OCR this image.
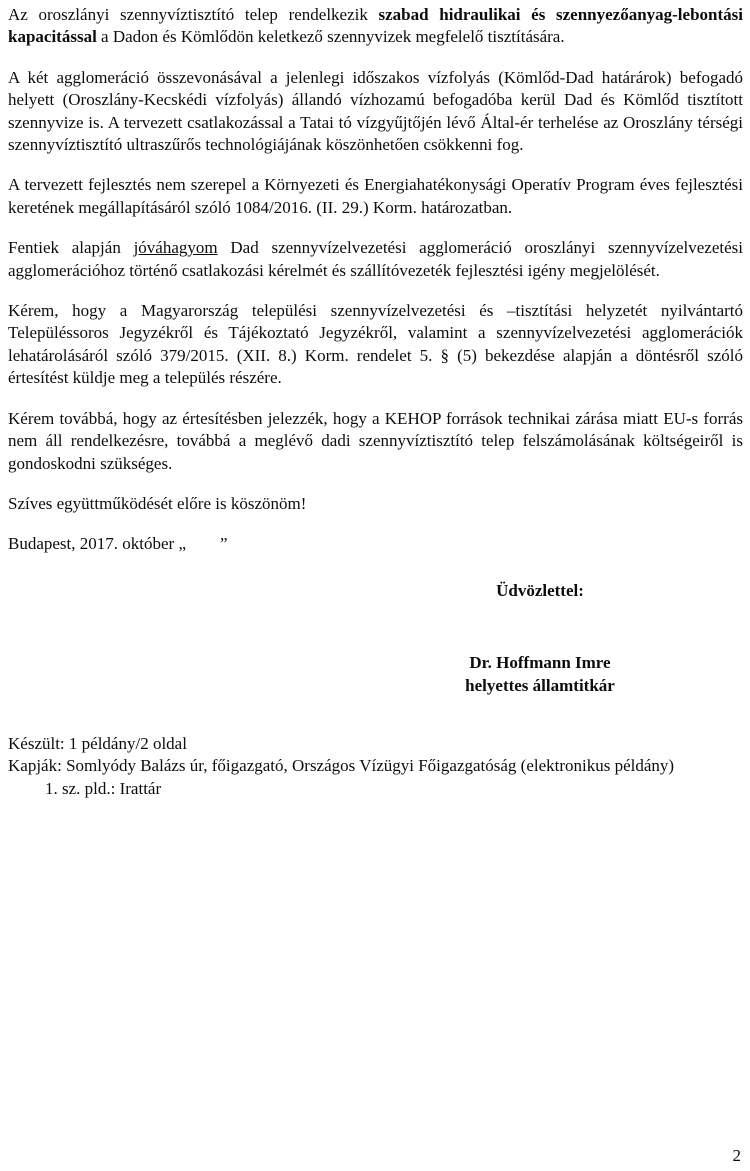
Az oroszlányi szennyvíztisztító telep rendelkezik szabad hidraulikai és szennyezőanyag-lebontási kapacitással a Dadon és Kömlődön keletkező szennyvizek megfelelő tisztítására.

A két agglomeráció összevonásával a jelenlegi időszakos vízfolyás (Kömlőd-Dad határárok) befogadó helyett (Oroszlány-Kecskédi vízfolyás) állandó vízhozamú befogadóba kerül Dad és Kömlőd tisztított szennyvize is. A tervezett csatlakozással a Tatai tó vízgyűjtőjén lévő Által-ér terhelése az Oroszlány térségi szennyvíztisztító ultraszűrős technológiájának köszönhetően csökkenni fog.

A tervezett fejlesztés nem szerepel a Környezeti és Energiahatékonysági Operatív Program éves fejlesztési keretének megállapításáról szóló 1084/2016. (II. 29.) Korm. határozatban.

Fentiek alapján jóváhagyom Dad szennyvízelvezetési agglomeráció oroszlányi szennyvízelvezetési agglomerációhoz történő csatlakozási kérelmét és szállítóvezeték fejlesztési igény megjelölését.

Kérem, hogy a Magyarország települési szennyvízelvezetési és –tisztítási helyzetét nyilvántartó Településsoros Jegyzékről és Tájékoztató Jegyzékről, valamint a szennyvízelvezetési agglomerációk lehatárolásáról szóló 379/2015. (XII. 8.) Korm. rendelet 5. § (5) bekezdése alapján a döntésről szóló értesítést küldje meg a település részére.

Kérem továbbá, hogy az értesítésben jelezzék, hogy a KEHOP források technikai zárása miatt EU-s forrás nem áll rendelkezésre, továbbá a meglévő dadi szennyvíztisztító telep felszámolásának költségeiről is gondoskodni szükséges.

Szíves együttműködését előre is köszönöm!

Budapest, 2017. október „        ”

Üdvözlettel:
Dr. Hoffmann Imre
helyettes államtitkár
Készült: 1 példány/2 oldal
Kapják: Somlyódy Balázs úr, főigazgató, Országos Vízügyi Főigazgatóság (elektronikus példány)
1. sz. pld.: Irattár
2
